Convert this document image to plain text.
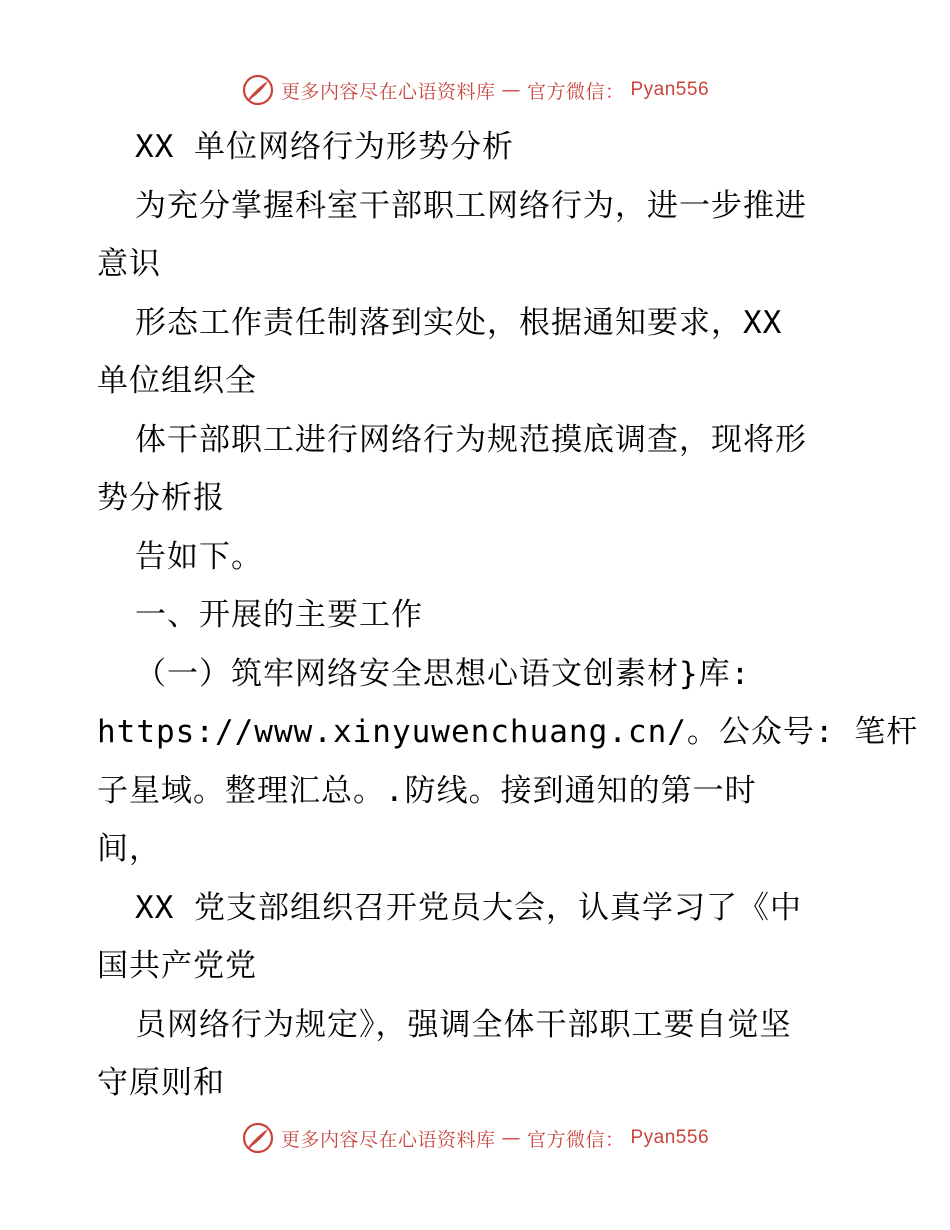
更多内容尽在心语资料库 — 官方微信： Pyan556
XX 单位网络行为形势分析
为充分掌握科室干部职工网络行为，进一步推进
意识
形态工作责任制落到实处，根据通知要求，XX
单位组织全
体干部职工进行网络行为规范摸底调查，现将形
势分析报
告如下。
一、开展的主要工作
（一）筑牢网络安全思想心语文创素材}库:
https://www.xinyuwenchuang.cn/。公众号: 笔杆
子星域。整理汇总。.防线。接到通知的第一时
间，
XX 党支部组织召开党员大会，认真学习了《中
国共产党党
员网络行为规定》，强调全体干部职工要自觉坚
守原则和
更多内容尽在心语资料库 — 官方微信： Pyan556
